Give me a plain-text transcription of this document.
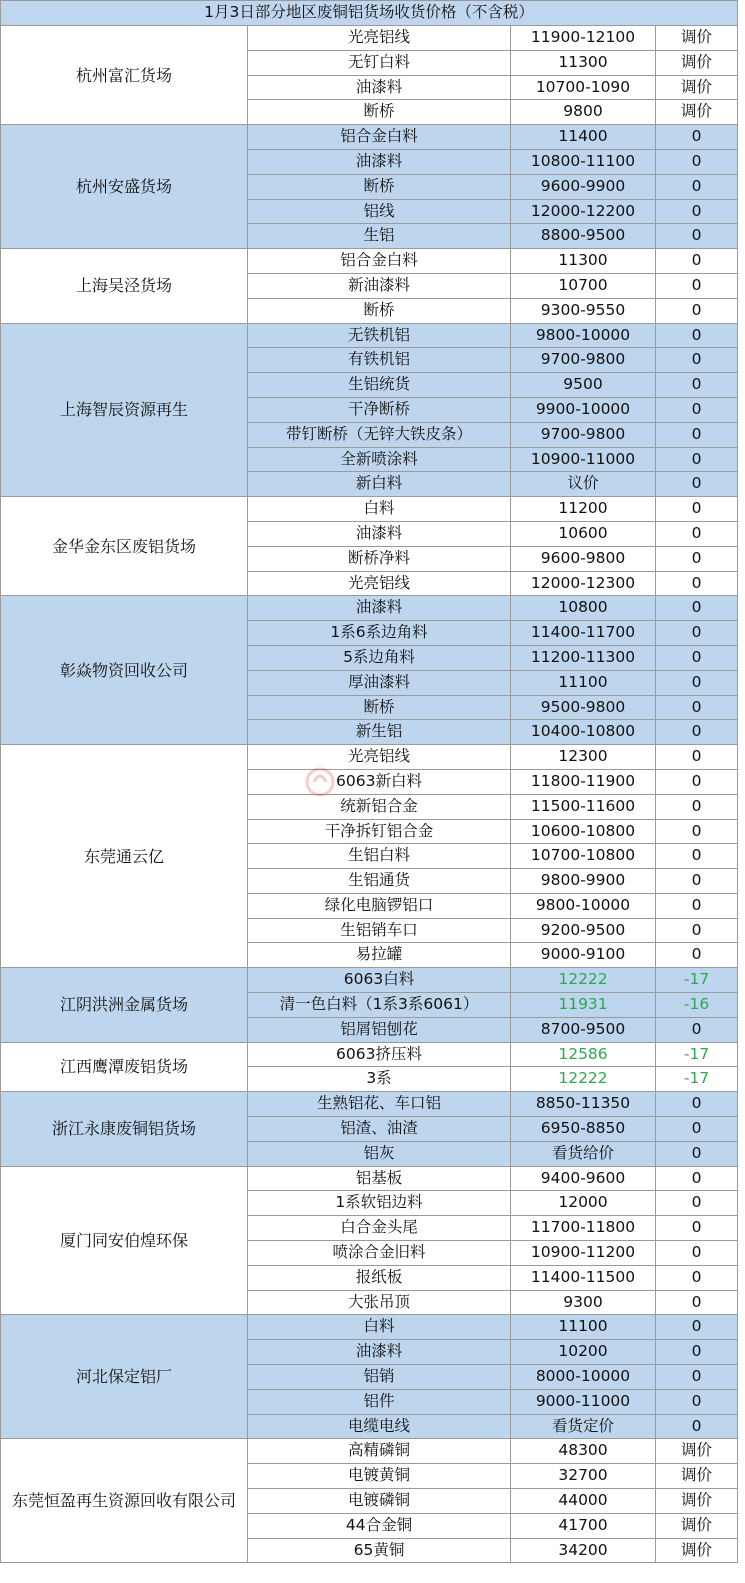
1月3日部分地区废铜铝货场收货价格（不含税）			
杭州富汇货场	光亮铝线	11900-12100	调价
	无钉白料	11300	调价
	油漆料	10700-1090	调价
	断桥	9800	调价
杭州安盛货场	铝合金白料	11400	0
	油漆料	10800-11100	0
	断桥	9600-9900	0
	铝线	12000-12200	0
	生铝	8800-9500	0
上海吴泾货场	铝合金白料	11300	0
	新油漆料	10700	0
	断桥	9300-9550	0
上海智辰资源再生	无铁机铝	9800-10000	0
	有铁机铝	9700-9800	0
	生铝统货	9500	0
	干净断桥	9900-10000	0
	带钉断桥（无锌大铁皮条）	9700-9800	0
	全新喷涂料	10900-11000	0
	新白料	议价	0
金华金东区废铝货场	白料	11200	0
	油漆料	10600	0
	断桥净料	9600-9800	0
	光亮铝线	12000-12300	0
彰焱物资回收公司	油漆料	10800	0
	1系6系边角料	11400-11700	0
	5系边角料	11200-11300	0
	厚油漆料	11100	0
	断桥	9500-9800	0
	新生铝	10400-10800	0
东莞通云亿	光亮铝线	12300	0
	6063新白料	11800-11900	0
	统新铝合金	11500-11600	0
	干净拆钉铝合金	10600-10800	0
	生铝白料	10700-10800	0
	生铝通货	9800-9900	0
	绿化电脑锣铝口	9800-10000	0
	生铝销车口	9200-9500	0
	易拉罐	9000-9100	0
江阴洪洲金属货场	6063白料	12222	-17
	清一色白料（1系3系6061）	11931	-16
	铝屑铝刨花	8700-9500	0
江西鹰潭废铝货场	6063挤压料	12586	-17
	3系	12222	-17
浙江永康废铜铝货场	生熟铝花、车口铝	8850-11350	0
	铝渣、油渣	6950-8850	0
	铝灰	看货给价	0
厦门同安伯煌环保	铝基板	9400-9600	0
	1系软铝边料	12000	0
	白合金头尾	11700-11800	0
	喷涂合金旧料	10900-11200	0
	报纸板	11400-11500	0
	大张吊顶	9300	0
河北保定铝厂	白料	11100	0
	油漆料	10200	0
	铝销	8000-10000	0
	铝件	9000-11000	0
	电缆电线	看货定价	0
东莞恒盈再生资源回收有限公司	高精磷铜	48300	调价
	电镀黄铜	32700	调价
	电镀磷铜	44000	调价
	44合金铜	41700	调价
	65黄铜	34200	调价
